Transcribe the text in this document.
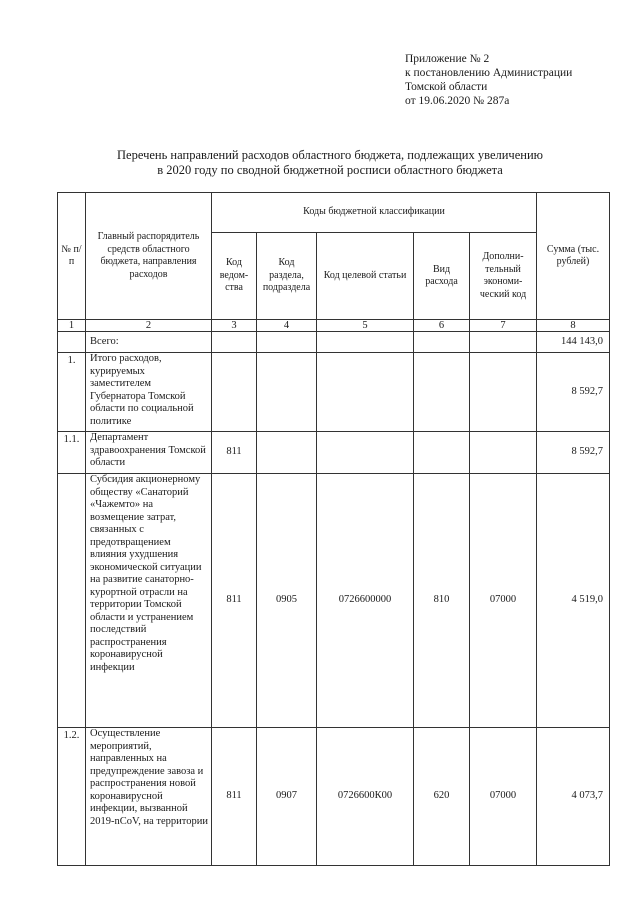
Приложение № 2
к постановлению Администрации
Томской области
от 19.06.2020 № 287а
Перечень направлений расходов областного бюджета, подлежащих увеличению
в 2020 году по сводной бюджетной росписи областного бюджета
№ п/п	Главный распорядитель средств областного бюджета, направления расходов	Коды бюджетной классификации					Сумма (тыс. рублей)
		Код ведом-ства	Код раздела, подраздела	Код целевой статьи	Вид расхода	Дополни-тельный экономи-ческий код	
1	2	3	4	5	6	7	8
	Всего:						144 143,0
1.	Итого расходов, курируемых заместителем Губернатора Томской области по социальной политике						8 592,7
1.1.	Департамент здравоохранения Томской области	811					8 592,7
	Субсидия акционерному обществу «Санаторий «Чажемто» на возмещение затрат, связанных с предотвращением влияния ухудшения экономической ситуации на развитие санаторно-курортной отрасли на территории Томской области и устранением последствий распространения коронавирусной инфекции	811	0905	0726600000	810	07000	4 519,0
1.2.	Осуществление мероприятий, направленных на предупреждение завоза и распространения новой коронавирусной инфекции, вызванной 2019-nCoV, на территории	811	0907	0726600К00	620	07000	4 073,7
